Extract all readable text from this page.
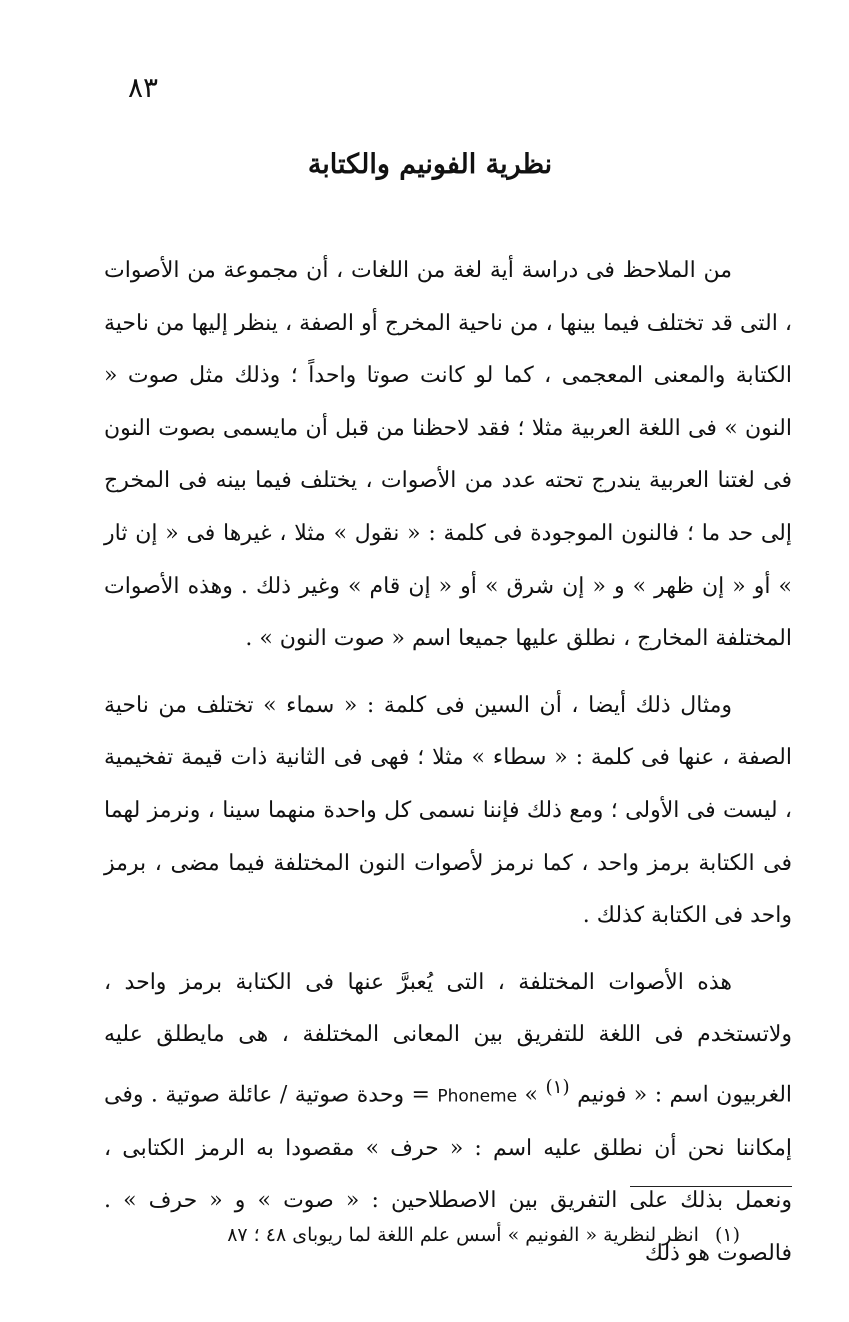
٨٣
نظرية الفونيم والكتابة

من الملاحظ فى دراسة أية لغة من اللغات ، أن مجموعة من الأصوات ، التى قد تختلف فيما بينها ، من ناحية المخرج أو الصفة ، ينظر إليها من ناحية الكتابة والمعنى المعجمى ، كما لو كانت صوتا واحداً ؛ وذلك مثل صوت « النون » فى اللغة العربية مثلا ؛ فقد لاحظنا من قبل أن مايسمى بصوت النون فى لغتنا العربية يندرج تحته عدد من الأصوات ، يختلف فيما بينه فى المخرج إلى حد ما ؛ فالنون الموجودة فى كلمة : « نقول » مثلا ، غيرها فى « إن ثار » أو « إن ظهر » و « إن شرق » أو « إن قام » وغير ذلك . وهذه الأصوات المختلفة المخارج ، نطلق عليها جميعا اسم « صوت النون » .

ومثال ذلك أيضا ، أن السين فى كلمة : « سماء » تختلف من ناحية الصفة ، عنها فى كلمة : « سطاء » مثلا ؛ فهى فى الثانية ذات قيمة تفخيمية ، ليست فى الأولى ؛ ومع ذلك فإننا نسمى كل واحدة منهما سينا ، ونرمز لهما فى الكتابة برمز واحد ، كما نرمز لأصوات النون المختلفة فيما مضى ، برمز واحد فى الكتابة كذلك .

هذه الأصوات المختلفة ، التى يُعبرَّ عنها فى الكتابة برمز واحد ، ولاتستخدم فى اللغة للتفريق بين المعانى المختلفة ، هى مايطلق عليه الغربيون اسم : « فونيم $^{(١)}$ » Phoneme = وحدة صوتية / عائلة صوتية . وفى إمكاننا نحن أن نطلق عليه اسم : « حرف » مقصودا به الرمز الكتابى ، ونعمل بذلك على التفريق بين الاصطلاحين : « صوت » و « حرف » . فالصوت هو ذلك

(١) انظر لنظرية « الفونيم » أسس علم اللغة لما ريوباى ٤٨ ؛ ٨٧
